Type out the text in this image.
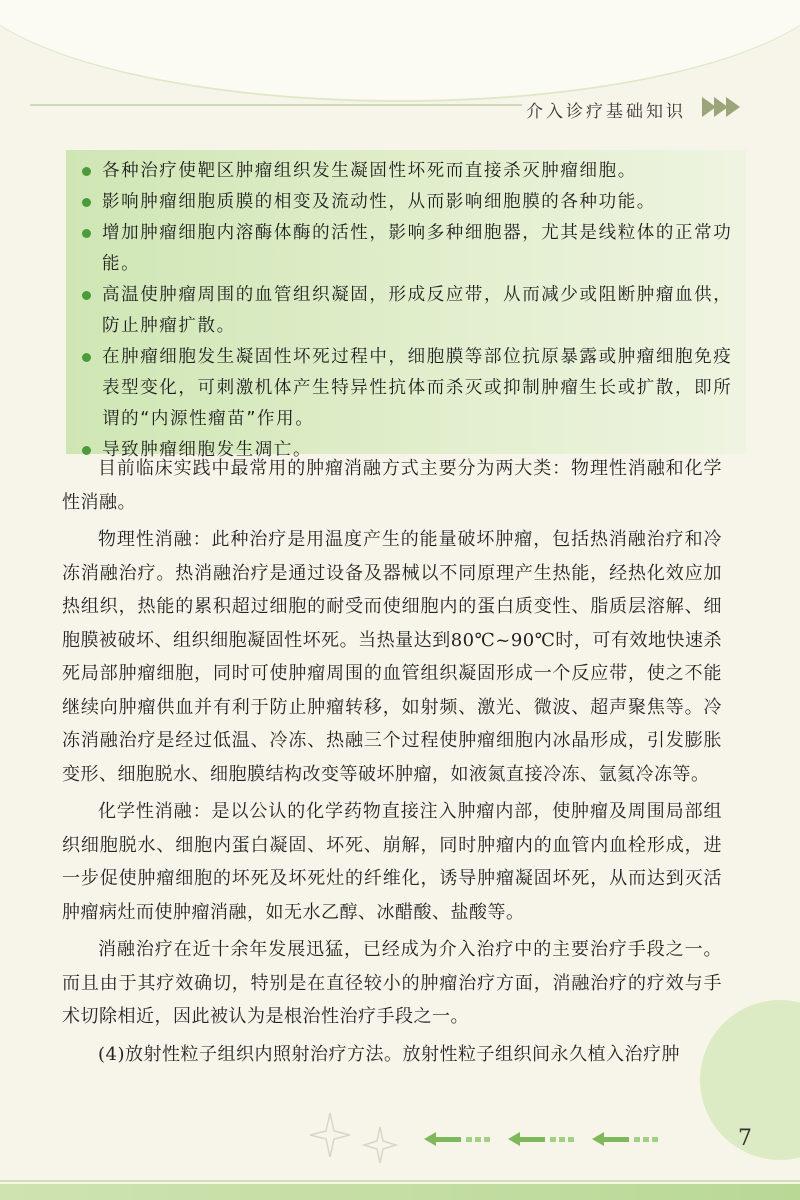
介入诊疗基础知识
各种治疗使靶区肿瘤组织发生凝固性坏死而直接杀灭肿瘤细胞。
影响肿瘤细胞质膜的相变及流动性，从而影响细胞膜的各种功能。
增加肿瘤细胞内溶酶体酶的活性，影响多种细胞器，尤其是线粒体的正常功能。
高温使肿瘤周围的血管组织凝固，形成反应带，从而减少或阻断肿瘤血供，防止肿瘤扩散。
在肿瘤细胞发生凝固性坏死过程中，细胞膜等部位抗原暴露或肿瘤细胞免疫表型变化，可刺激机体产生特异性抗体而杀灭或抑制肿瘤生长或扩散，即所谓的“内源性瘤苗”作用。
导致肿瘤细胞发生凋亡。

目前临床实践中最常用的肿瘤消融方式主要分为两大类：物理性消融和化学性消融。

物理性消融：此种治疗是用温度产生的能量破坏肿瘤，包括热消融治疗和冷冻消融治疗。热消融治疗是通过设备及器械以不同原理产生热能，经热化效应加热组织，热能的累积超过细胞的耐受而使细胞内的蛋白质变性、脂质层溶解、细胞膜被破坏、组织细胞凝固性坏死。当热量达到80℃~90℃时，可有效地快速杀死局部肿瘤细胞，同时可使肿瘤周围的血管组织凝固形成一个反应带，使之不能继续向肿瘤供血并有利于防止肿瘤转移，如射频、激光、微波、超声聚焦等。冷冻消融治疗是经过低温、冷冻、热融三个过程使肿瘤细胞内冰晶形成，引发膨胀变形、细胞脱水、细胞膜结构改变等破坏肿瘤，如液氮直接冷冻、氩氦冷冻等。

化学性消融：是以公认的化学药物直接注入肿瘤内部，使肿瘤及周围局部组织细胞脱水、细胞内蛋白凝固、坏死、崩解，同时肿瘤内的血管内血栓形成，进一步促使肿瘤细胞的坏死及坏死灶的纤维化，诱导肿瘤凝固坏死，从而达到灭活肿瘤病灶而使肿瘤消融，如无水乙醇、冰醋酸、盐酸等。

消融治疗在近十余年发展迅猛，已经成为介入治疗中的主要治疗手段之一。而且由于其疗效确切，特别是在直径较小的肿瘤治疗方面，消融治疗的疗效与手术切除相近，因此被认为是根治性治疗手段之一。

(4)放射性粒子组织内照射治疗方法。放射性粒子组织间永久植入治疗肿

7
